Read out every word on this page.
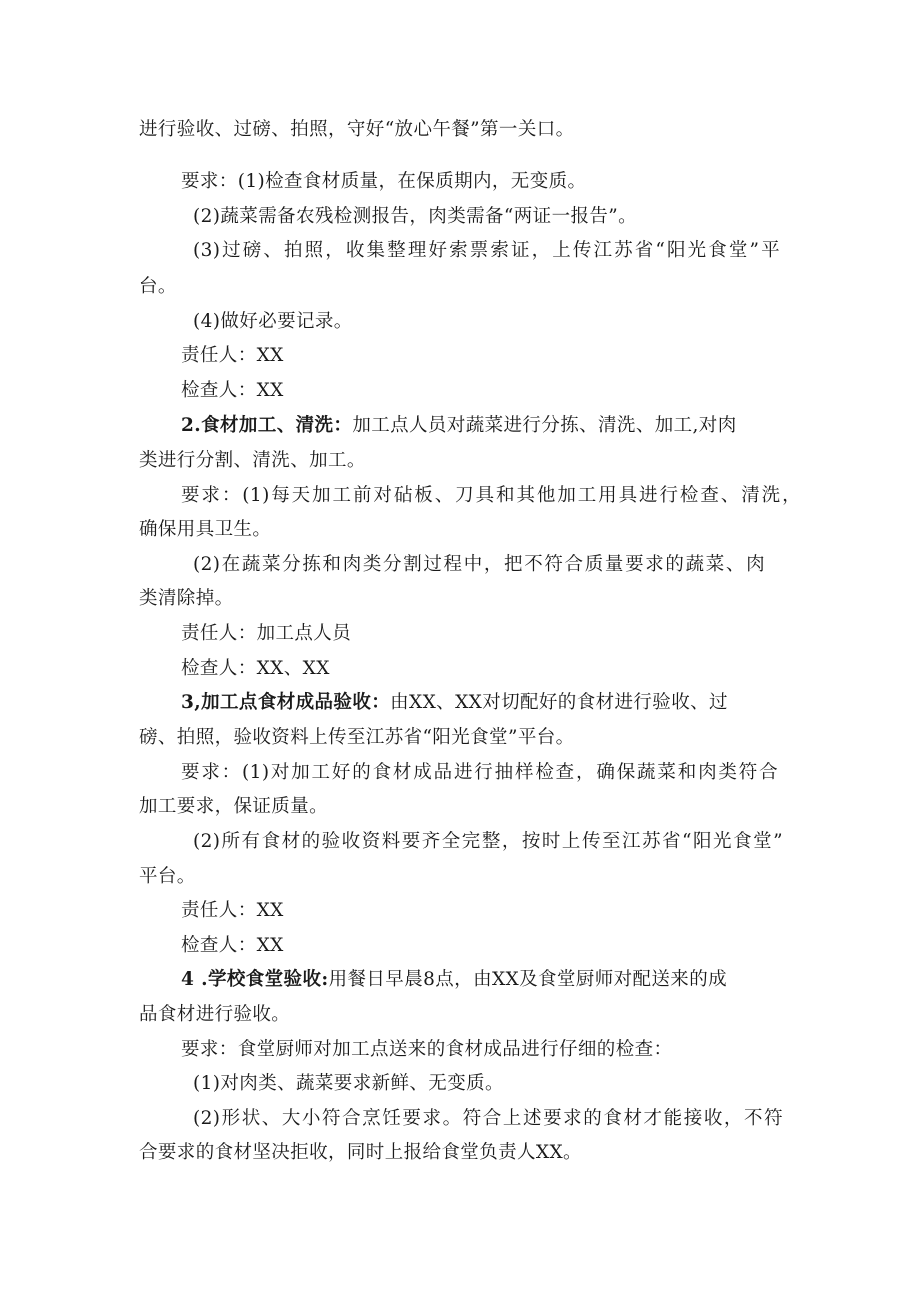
进行验收、过磅、拍照，守好“放心午餐”第一关口。
要求：(1)检查食材质量，在保质期内，无变质。
(2)蔬菜需备农残检测报告，肉类需备“两证一报告”。
(3)过磅、拍照，收集整理好索票索证，上传江苏省“阳光食堂”平
台。
(4)做好必要记录。
责任人：XX
检查人：XX
2.食材加工、清洗：加工点人员对蔬菜进行分拣、清洗、加工,对肉
类进行分割、清洗、加工。
要求：(1)每天加工前对砧板、刀具和其他加工用具进行检查、清洗，
确保用具卫生。
(2)在蔬菜分拣和肉类分割过程中，把不符合质量要求的蔬菜、肉
类清除掉。
责任人：加工点人员
检查人：XX、XX
3,加工点食材成品验收：由XX、XX对切配好的食材进行验收、过
磅、拍照，验收资料上传至江苏省“阳光食堂”平台。
要求：(1)对加工好的食材成品进行抽样检查，确保蔬菜和肉类符合
加工要求，保证质量。
(2)所有食材的验收资料要齐全完整，按时上传至江苏省“阳光食堂”
平台。
责任人：XX
检查人：XX
4 .学校食堂验收:用餐日早晨8点，由XX及食堂厨师对配送来的成
品食材进行验收。
要求：食堂厨师对加工点送来的食材成品进行仔细的检查：
(1)对肉类、蔬菜要求新鲜、无变质。
(2)形状、大小符合烹饪要求。符合上述要求的食材才能接收，不符
合要求的食材坚决拒收，同时上报给食堂负责人XX。
